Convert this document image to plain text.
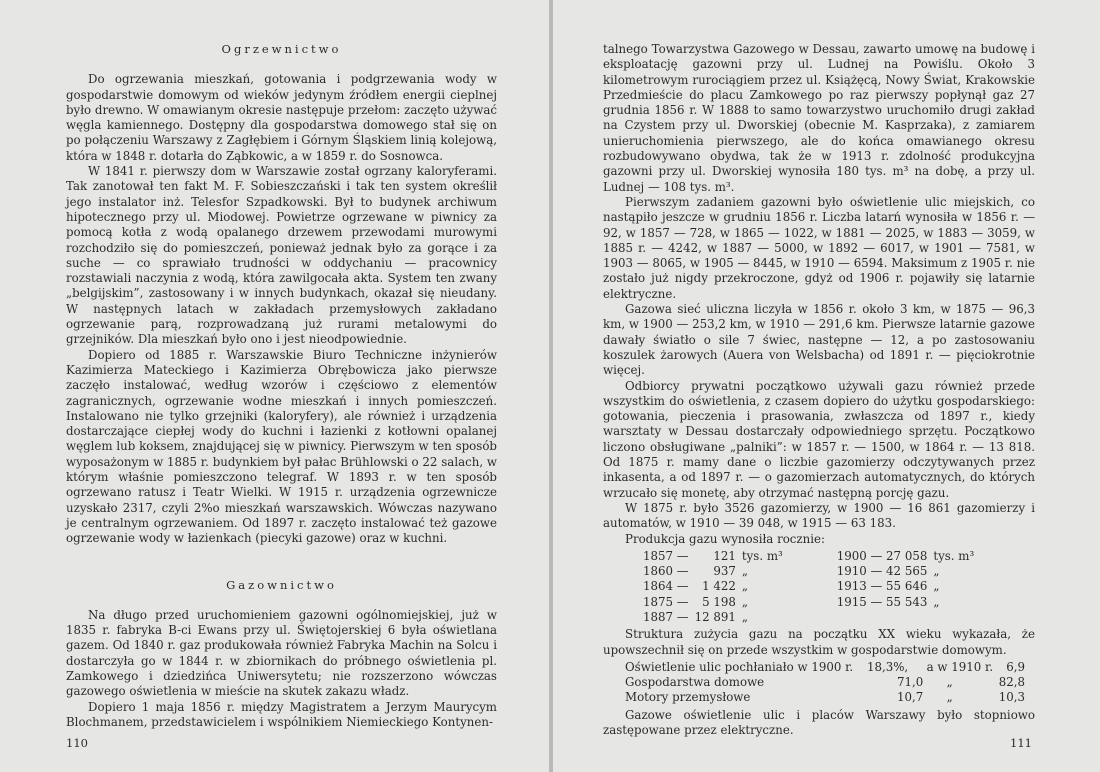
Ogrzewnictwo

Do ogrzewania mieszkań, gotowania i podgrzewania wody w gospodarstwie domowym od wieków jedynym źródłem energii cieplnej było drewno. W omawianym okresie następuje przełom: zaczęto używać węgla kamiennego. Dostępny dla gospodarstwa domowego stał się on po połączeniu Warszawy z Zagłębiem i Górnym Śląskiem linią kolejową, która w 1848 r. dotarła do Ząbkowic, a w 1859 r. do Sosnowca.

W 1841 r. pierwszy dom w Warszawie został ogrzany kaloryferami. Tak zanotował ten fakt M. F. Sobieszczański i tak ten system określił jego instalator inż. Telesfor Szpadkowski. Był to budynek archiwum hipotecznego przy ul. Miodowej. Powietrze ogrzewane w piwnicy za pomocą kotła z wodą opalanego drzewem przewodami murowymi rozchodziło się do pomieszczeń, ponieważ jednak było za gorące i za suche — co sprawiało trudności w oddychaniu — pracownicy rozstawiali naczynia z wodą, która zawilgocała akta. System ten zwany „belgijskim”, zastosowany i w innych budynkach, okazał się nieudany. W następnych latach w zakładach przemysłowych zakładano ogrzewanie parą, rozprowadzaną już rurami metalowymi do grzejników. Dla mieszkań było ono i jest nieodpowiednie.

Dopiero od 1885 r. Warszawskie Biuro Techniczne inżynierów Kazimierza Mateckiego i Kazimierza Obrębowicza jako pierwsze zaczęło instalować, według wzorów i częściowo z elementów zagranicznych, ogrzewanie wodne mieszkań i innych pomieszczeń. Instalowano nie tylko grzejniki (kaloryfery), ale również i urządzenia dostarczające ciepłej wody do kuchni i łazienki z kotłowni opalanej węglem lub koksem, znajdującej się w piwnicy. Pierwszym w ten sposób wyposażonym w 1885 r. budynkiem był pałac Brühlowski o 22 salach, w którym właśnie pomieszczono telegraf. W 1893 r. w ten sposób ogrzewano ratusz i Teatr Wielki. W 1915 r. urządzenia ogrzewnicze uzyskało 2317, czyli 2%o mieszkań warszawskich. Wówczas nazywano je centralnym ogrzewaniem. Od 1897 r. zaczęto instalować też gazowe ogrzewanie wody w łazienkach (piecyki gazowe) oraz w kuchni.

Gazownictwo

Na długo przed uruchomieniem gazowni ogólnomiejskiej, już w 1835 r. fabryka B-ci Ewans przy ul. Świętojerskiej 6 była oświetlana gazem. Od 1840 r. gaz produkowała również Fabryka Machin na Solcu i dostarczyła go w 1844 r. w zbiornikach do próbnego oświetlenia pl. Zamkowego i dziedzińca Uniwersytetu; nie rozszerzono wówczas gazowego oświetlenia w mieście na skutek zakazu władz.

Dopiero 1 maja 1856 r. między Magistratem a Jerzym Maurycym Blochmanem, przedstawicielem i wspólnikiem Niemieckiego Kontynen-

110

talnego Towarzystwa Gazowego w Dessau, zawarto umowę na budowę i eksploatację gazowni przy ul. Ludnej na Powiślu. Około 3 kilometrowym rurociągiem przez ul. Książęcą, Nowy Świat, Krakowskie Przedmieście do placu Zamkowego po raz pierwszy popłynął gaz 27 grudnia 1856 r. W 1888 to samo towarzystwo uruchomiło drugi zakład na Czystem przy ul. Dworskiej (obecnie M. Kasprzaka), z zamiarem unieruchomienia pierwszego, ale do końca omawianego okresu rozbudowywano obydwa, tak że w 1913 r. zdolność produkcyjna gazowni przy ul. Dworskiej wynosiła 180 tys. m³ na dobę, a przy ul. Ludnej — 108 tys. m³.

Pierwszym zadaniem gazowni było oświetlenie ulic miejskich, co nastąpiło jeszcze w grudniu 1856 r. Liczba latarń wynosiła w 1856 r. — 92, w 1857 — 728, w 1865 — 1022, w 1881 — 2025, w 1883 — 3059, w 1885 r. — 4242, w 1887 — 5000, w 1892 — 6017, w 1901 — 7581, w 1903 — 8065, w 1905 — 8445, w 1910 — 6594. Maksimum z 1905 r. nie zostało już nigdy przekroczone, gdyż od 1906 r. pojawiły się latarnie elektryczne.

Gazowa sieć uliczna liczyła w 1856 r. około 3 km, w 1875 — 96,3 km, w 1900 — 253,2 km, w 1910 — 291,6 km. Pierwsze latarnie gazowe dawały światło o sile 7 świec, następne — 12, a po zastosowaniu koszulek żarowych (Auera von Welsbacha) od 1891 r. — pięciokrotnie więcej.

Odbiorcy prywatni początkowo używali gazu również przede wszystkim do oświetlenia, z czasem dopiero do użytku gospodarskiego: gotowania, pieczenia i prasowania, zwłaszcza od 1897 r., kiedy warsztaty w Dessau dostarczały odpowiedniego sprzętu. Początkowo liczono obsługiwane „palniki”: w 1857 r. — 1500, w 1864 r. — 13 818. Od 1875 r. mamy dane o liczbie gazomierzy odczytywanych przez inkasenta, a od 1897 r. — o gazomierzach automatycznych, do których wrzucało się monetę, aby otrzymać następną porcję gazu.

W 1875 r. było 3526 gazomierzy, w 1900 — 16 861 gazomierzy i automatów, w 1910 — 39 048, w 1915 — 63 183.

Produkcja gazu wynosiła rocznie:

1857 —	121	tys. m³		1900 — 27 058	tys. m³
1860 —	937	„		1910 — 42 565	„
1864 —	1 422	„		1913 — 55 646	„
1875 —	5 198	„		1915 — 55 543	„
1887 —	12 891	„			

Struktura zużycia gazu na początku XX wieku wykazała, że upowszechnił się on przede wszystkim w gospodarstwie domowym.

Oświetlenie ulic pochłaniało w 1900 r.	18,3%,	a w 1910 r.	6,9
Gospodarstwa domowe	71,0	„	82,8
Motory przemysłowe	10,7	„	10,3

Gazowe oświetlenie ulic i placów Warszawy było stopniowo zastępowane przez elektryczne.

111
